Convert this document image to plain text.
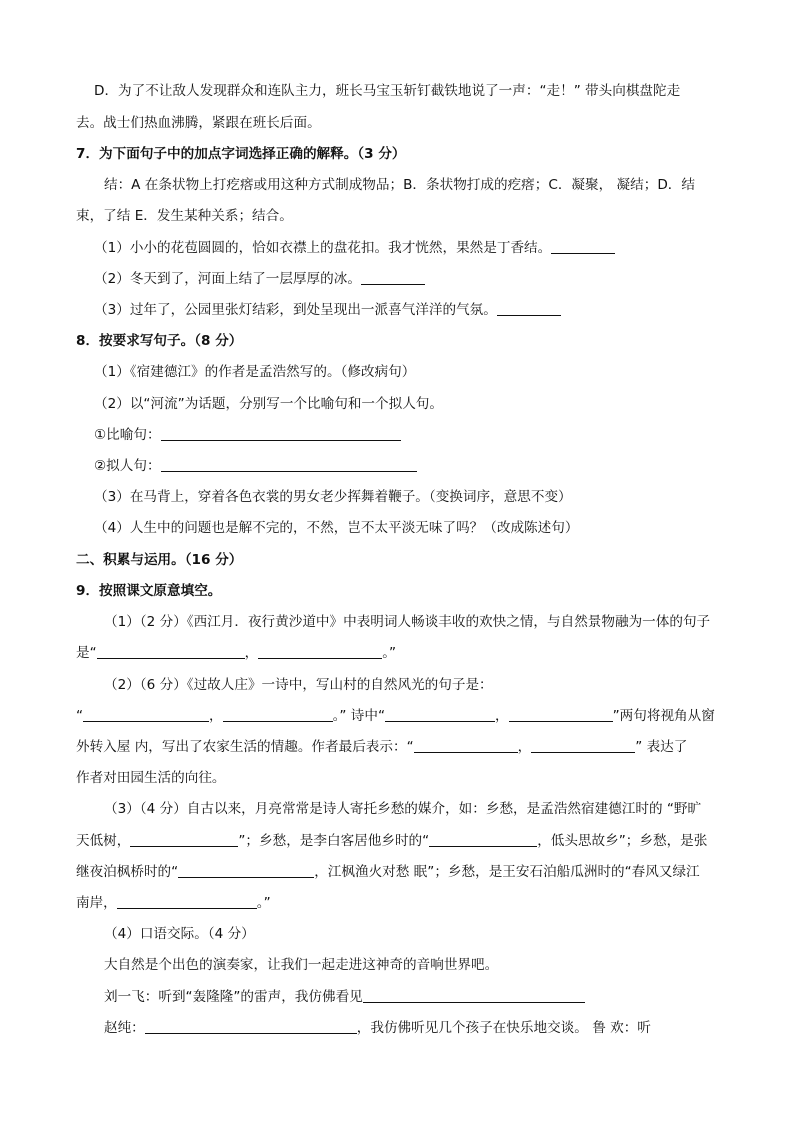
D．为了不让敌人发现群众和连队主力，班长马宝玉斩钉截铁地说了一声：“走！” 带头向棋盘陀走
去。战士们热血沸腾，紧跟在班长后面。
7．为下面句子中的加点字词选择正确的解释。（3 分）
结：A 在条状物上打疙瘩或用这种方式制成物品；B．条状物打成的疙瘩；C．凝聚， 凝结；D．结
束，了结 E．发生某种关系；结合。
（1）小小的花苞圆圆的，恰如衣襟上的盘花扣。我才恍然，果然是丁香结。
（2）冬天到了，河面上结了一层厚厚的冰。
（3）过年了，公园里张灯结彩，到处呈现出一派喜气洋洋的气氛。
8．按要求写句子。（8 分）
（1）《宿建德江》的作者是孟浩然写的。（修改病句）
（2）以“河流”为话题，分别写一个比喻句和一个拟人句。
①比喻句：
②拟人句：
（3）在马背上，穿着各色衣裳的男女老少挥舞着鞭子。（变换词序，意思不变）
（4）人生中的问题也是解不完的，不然，岂不太平淡无味了吗？（改成陈述句）
二、积累与运用。（16 分）
9．按照课文原意填空。
（1）（2 分）《西江月．夜行黄沙道中》中表明词人畅谈丰收的欢快之情，与自然景物融为一体的句子
是“	，	。”
（2）（6 分）《过故人庄》一诗中，写山村的自然风光的句子是：
“	，	。” 诗中“	，	”两句将视角从窗
外转入屋 内，写出了农家生活的情趣。作者最后表示：“	，	” 表达了
作者对田园生活的向往。
（3）（4 分）自古以来，月亮常常是诗人寄托乡愁的媒介，如：乡愁，是孟浩然宿建德江时的 “野旷
天低树，	”；乡愁，是李白客居他乡时的“	，低头思故乡”；乡愁，是张
继夜泊枫桥时的“	，江枫渔火对愁 眠”；乡愁，是王安石泊船瓜洲时的“春风又绿江
南岸，	。”
（4）口语交际。（4 分）
大自然是个出色的演奏家，让我们一起走进这神奇的音响世界吧。
刘一飞：听到“轰隆隆”的雷声，我仿佛看见
赵纯：	，我仿佛听见几个孩子在快乐地交谈。 鲁 欢：听
